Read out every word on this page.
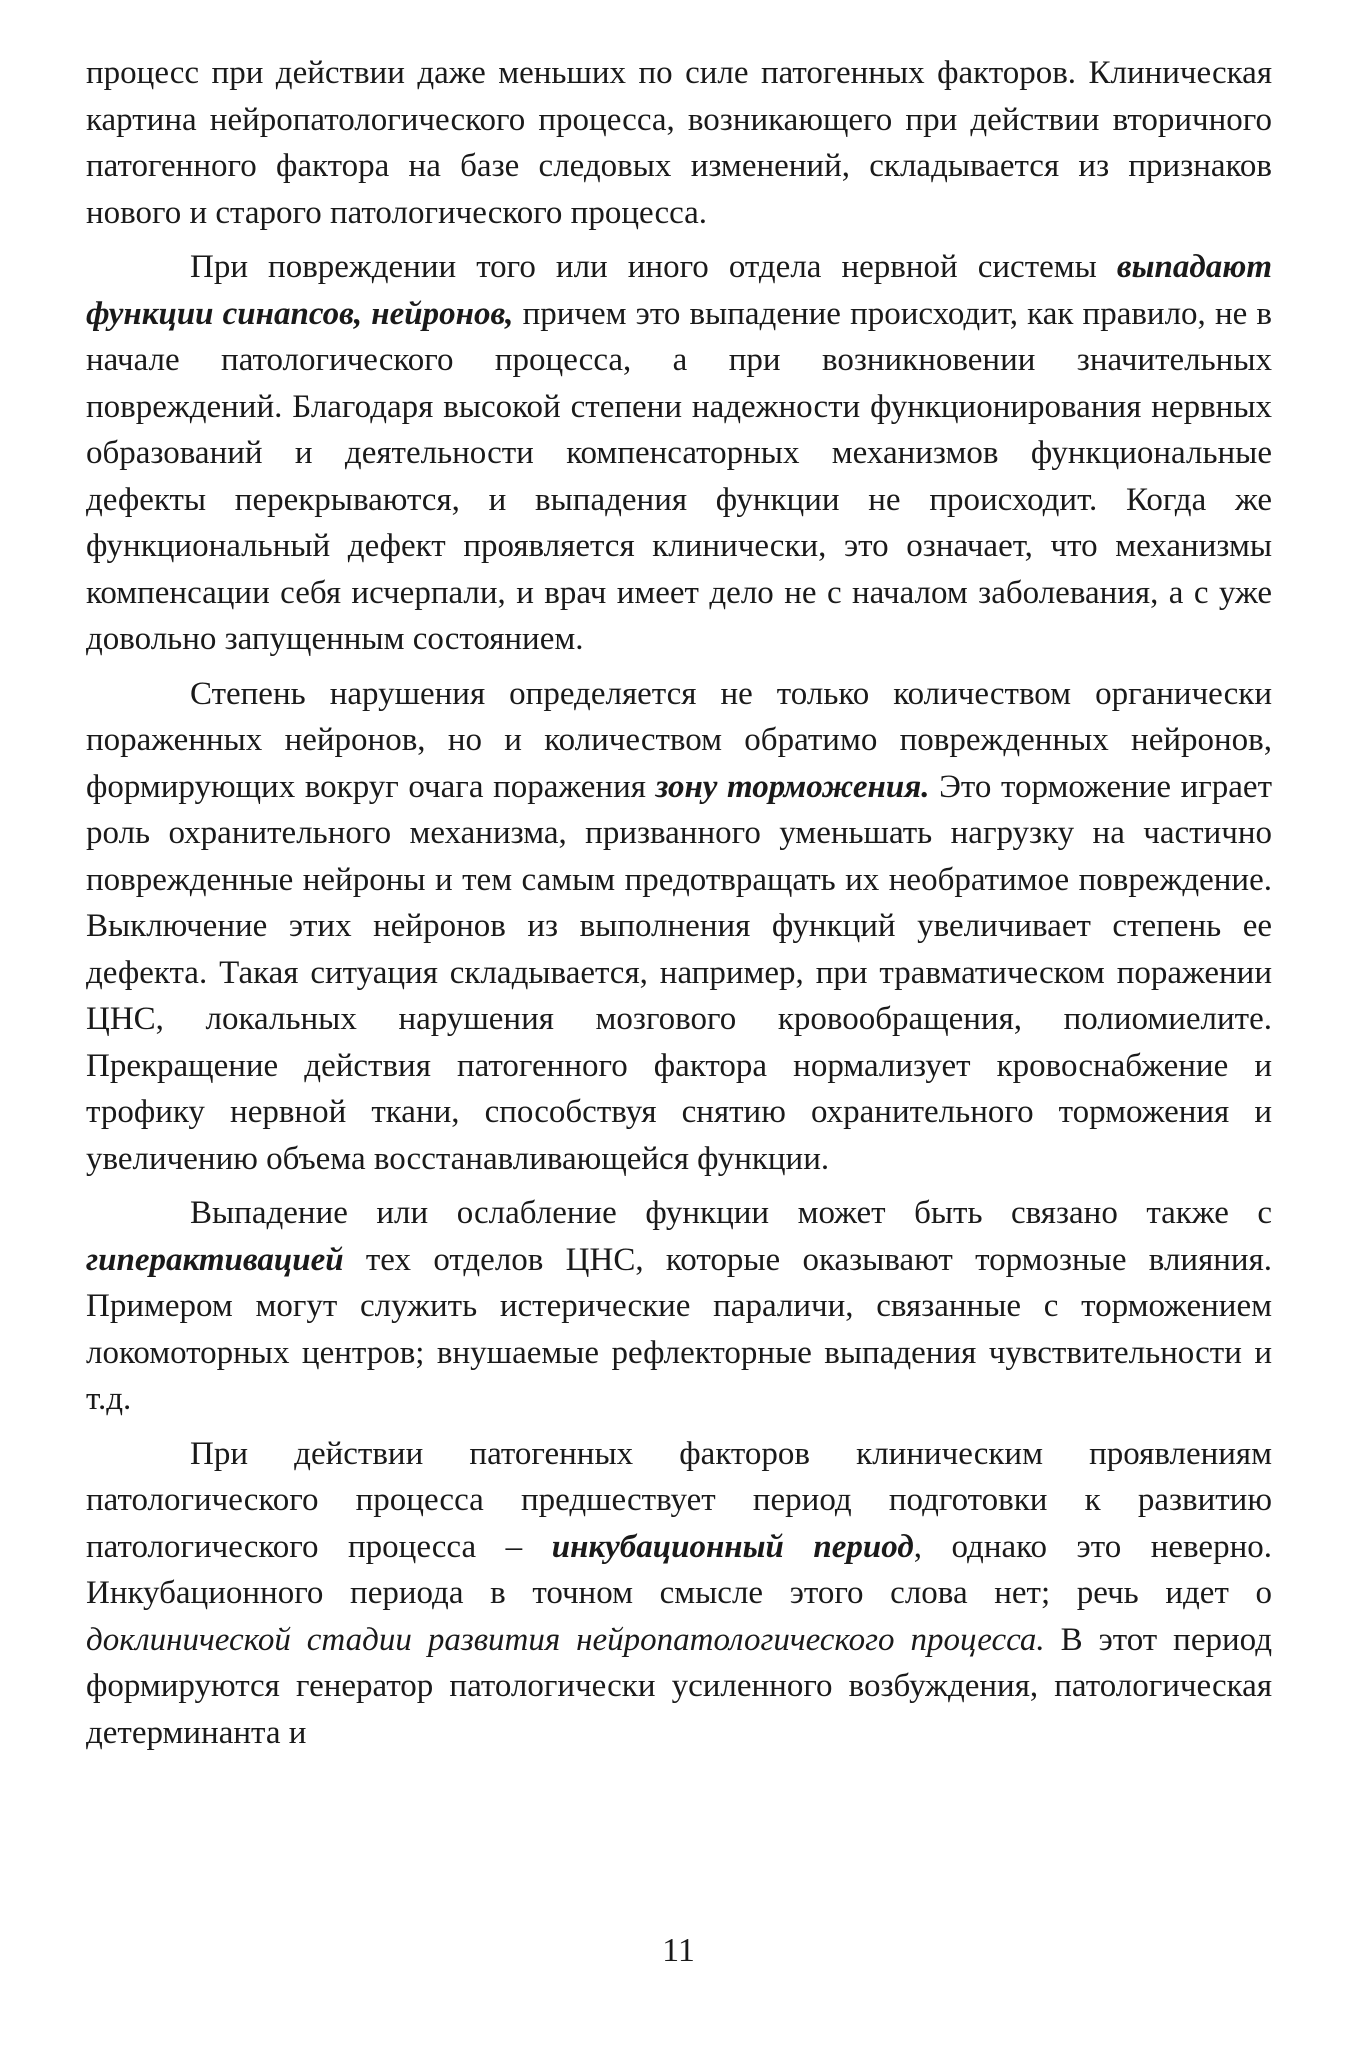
процесс при действии даже меньших по силе патогенных факторов. Клиническая картина нейропатологического процесса, возникающего при действии вторичного патогенного фактора на базе следовых изменений, складывается из признаков нового и старого патологического процесса.

При повреждении того или иного отдела нервной системы выпадают функции синапсов, нейронов, причем это выпадение происходит, как правило, не в начале патологического процесса, а при возникновении значительных повреждений. Благодаря высокой степени надежности функционирования нервных образований и деятельности компенсаторных механизмов функциональные дефекты перекрываются, и выпадения функции не происходит. Когда же функциональный дефект проявляется клинически, это означает, что механизмы компенсации себя исчерпали, и врач имеет дело не с началом заболевания, а с уже довольно запущенным состоянием.

Степень нарушения определяется не только количеством органически пораженных нейронов, но и количеством обратимо поврежденных нейронов, формирующих вокруг очага поражения зону торможения. Это торможение играет роль охранительного механизма, призванного уменьшать нагрузку на частично поврежденные нейроны и тем самым предотвращать их необратимое повреждение. Выключение этих нейронов из выполнения функций увеличивает степень ее дефекта. Такая ситуация складывается, например, при травматическом поражении ЦНС, локальных нарушения мозгового кровообращения, полиомиелите. Прекращение действия патогенного фактора нормализует кровоснабжение и трофику нервной ткани, способствуя снятию охранительного торможения и увеличению объема восстанавливающейся функции.

Выпадение или ослабление функции может быть связано также с гиперактивацией тех отделов ЦНС, которые оказывают тормозные влияния. Примером могут служить истерические параличи, связанные с торможением локомоторных центров; внушаемые рефлекторные выпадения чувствительности и т.д.

При действии патогенных факторов клиническим проявлениям патологического процесса предшествует период подготовки к развитию патологического процесса – инкубационный период, однако это неверно. Инкубационного периода в точном смысле этого слова нет; речь идет о доклинической стадии развития нейропатологического процесса. В этот период формируются генератор патологически усиленного возбуждения, патологическая детерминанта и

11
